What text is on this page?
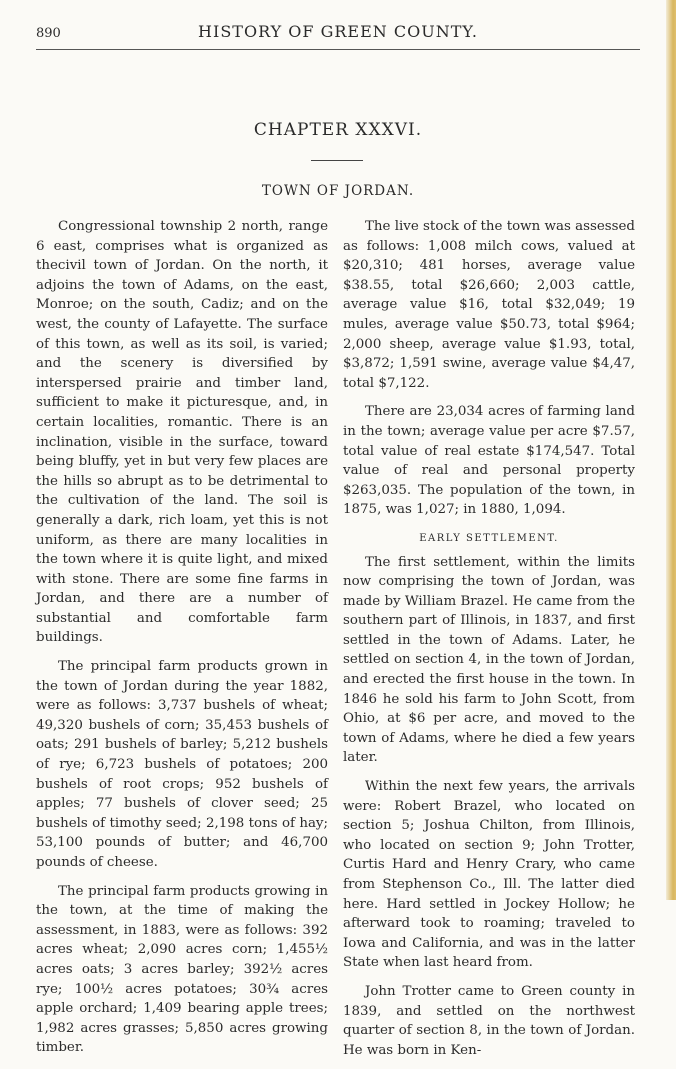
890	HISTORY OF GREEN COUNTY.
CHAPTER XXXVI.
TOWN OF JORDAN.

Congressional township 2 north, range 6 east, comprises what is organized as thecivil town of Jordan. On the north, it adjoins the town of Adams, on the east, Monroe; on the south, Cadiz; and on the west, the county of Lafayette. The surface of this town, as well as its soil, is varied; and the scenery is diversified by interspersed prairie and timber land, sufficient to make it picturesque, and, in certain localities, romantic. There is an inclination, visible in the surface, toward being bluffy, yet in but very few places are the hills so abrupt as to be detrimental to the cultivation of the land. The soil is generally a dark, rich loam, yet this is not uniform, as there are many localities in the town where it is quite light, and mixed with stone. There are some fine farms in Jordan, and there are a number of substantial and comfortable farm buildings.

The principal farm products grown in the town of Jordan during the year 1882, were as follows: 3,737 bushels of wheat; 49,320 bushels of corn; 35,453 bushels of oats; 291 bushels of barley; 5,212 bushels of rye; 6,723 bushels of potatoes; 200 bushels of root crops; 952 bushels of apples; 77 bushels of clover seed; 25 bushels of timothy seed; 2,198 tons of hay; 53,100 pounds of butter; and 46,700 pounds of cheese.

The principal farm products growing in the town, at the time of making the assessment, in 1883, were as follows: 392 acres wheat; 2,090 acres corn; 1,455½ acres oats; 3 acres barley; 392½ acres rye; 100½ acres potatoes; 30¾ acres apple orchard; 1,409 bearing apple trees; 1,982 acres grasses; 5,850 acres growing timber.

The live stock of the town was assessed as follows: 1,008 milch cows, valued at $20,310; 481 horses, average value $38.55, total $26,660; 2,003 cattle, average value $16, total $32,049; 19 mules, average value $50.73, total $964; 2,000 sheep, average value $1.93, total, $3,872; 1,591 swine, average value $4,47, total $7,122.

There are 23,034 acres of farming land in the town; average value per acre $7.57, total value of real estate $174,547. Total value of real and personal property $263,035. The population of the town, in 1875, was 1,027; in 1880, 1,094.

EARLY SETTLEMENT.

The first settlement, within the limits now comprising the town of Jordan, was made by William Brazel. He came from the southern part of Illinois, in 1837, and first settled in the town of Adams. Later, he settled on section 4, in the town of Jordan, and erected the first house in the town. In 1846 he sold his farm to John Scott, from Ohio, at $6 per acre, and moved to the town of Adams, where he died a few years later.

Within the next few years, the arrivals were: Robert Brazel, who located on section 5; Joshua Chilton, from Illinois, who located on section 9; John Trotter, Curtis Hard and Henry Crary, who came from Stephenson Co., Ill. The latter died here. Hard settled in Jockey Hollow; he afterward took to roaming; traveled to Iowa and California, and was in the latter State when last heard from.

John Trotter came to Green county in 1839, and settled on the northwest quarter of section 8, in the town of Jordan. He was born in Ken-
